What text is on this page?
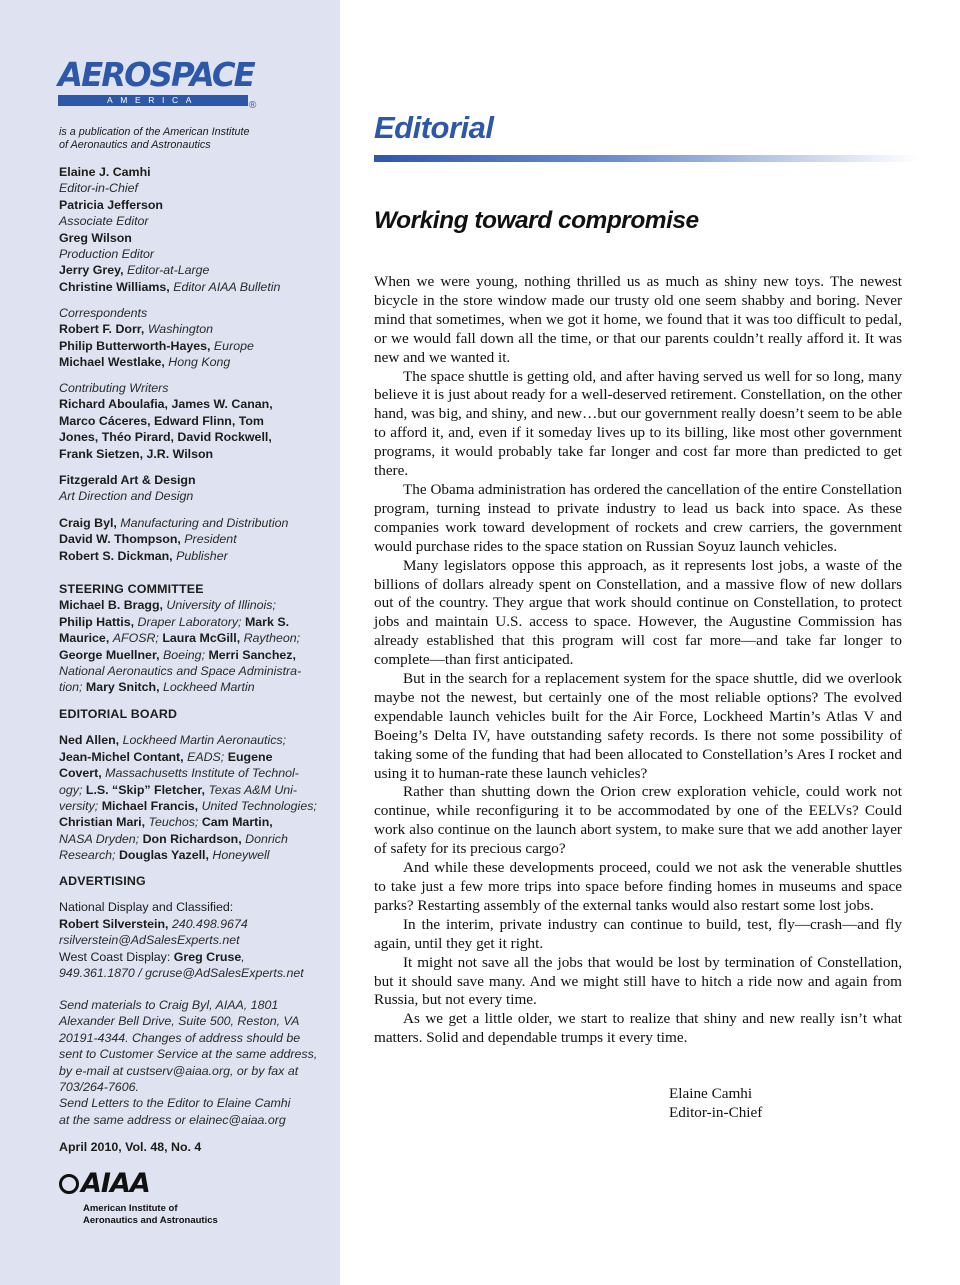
AEROSPACE
AMERICA	®
is a publication of the American Institute
of Aeronautics and Astronautics
Elaine J. Camhi
Editor-in-Chief
Patricia Jefferson
Associate Editor
Greg Wilson
Production Editor
Jerry Grey, Editor-at-Large
Christine Williams, Editor AIAA Bulletin
Correspondents
Robert F. Dorr, Washington
Philip Butterworth-Hayes, Europe
Michael Westlake, Hong Kong
Contributing Writers
Richard Aboulafia, James W. Canan,
Marco Cáceres, Edward Flinn, Tom
Jones, Théo Pirard, David Rockwell,
Frank Sietzen, J.R. Wilson
Fitzgerald Art & Design
Art Direction and Design
Craig Byl, Manufacturing and Distribution
David W. Thompson, President
Robert S. Dickman, Publisher
STEERING COMMITTEE
Michael B. Bragg, University of Illinois;
Philip Hattis, Draper Laboratory; Mark S.
Maurice, AFOSR; Laura McGill, Raytheon;
George Muellner, Boeing; Merri Sanchez,
National Aeronautics and Space Administra-
tion; Mary Snitch, Lockheed Martin
EDITORIAL BOARD
Ned Allen, Lockheed Martin Aeronautics;
Jean-Michel Contant, EADS; Eugene
Covert, Massachusetts Institute of Technol-
ogy; L.S. “Skip” Fletcher, Texas A&M Uni-
versity; Michael Francis, United Technologies;
Christian Mari, Teuchos; Cam Martin,
NASA Dryden; Don Richardson, Donrich
Research; Douglas Yazell, Honeywell
ADVERTISING
National Display and Classified:
Robert Silverstein, 240.498.9674
rsilverstein@AdSalesExperts.net
West Coast Display: Greg Cruse,
949.361.1870 / gcruse@AdSalesExperts.net
Send materials to Craig Byl, AIAA, 1801
Alexander Bell Drive, Suite 500, Reston, VA
20191-4344. Changes of address should be
sent to Customer Service at the same address,
by e-mail at custserv@aiaa.org, or by fax at
703/264-7606.
Send Letters to the Editor to Elaine Camhi
at the same address or elainec@aiaa.org
April 2010, Vol. 48, No. 4
AIAA
American Institute of
Aeronautics and Astronautics
Editorial
Working toward compromise

When we were young, nothing thrilled us as much as shiny new toys. The newest bicycle in the store window made our trusty old one seem shabby and boring. Never mind that sometimes, when we got it home, we found that it was too difficult to pedal, or we would fall down all the time, or that our parents couldn’t really afford it. It was new and we wanted it.

The space shuttle is getting old, and after having served us well for so long, many believe it is just about ready for a well-deserved retirement. Constellation, on the other hand, was big, and shiny, and new…but our government really doesn’t seem to be able to afford it, and, even if it someday lives up to its billing, like most other government programs, it would probably take far longer and cost far more than predicted to get there.

The Obama administration has ordered the cancellation of the entire Constellation program, turning instead to private industry to lead us back into space. As these companies work toward development of rockets and crew carriers, the government would purchase rides to the space station on Russian Soyuz launch vehicles.

Many legislators oppose this approach, as it represents lost jobs, a waste of the billions of dollars already spent on Constellation, and a massive flow of new dollars out of the country. They argue that work should continue on Constellation, to protect jobs and maintain U.S. access to space. However, the Augustine Commission has already established that this program will cost far more—and take far longer to complete—than first anticipated.

But in the search for a replacement system for the space shuttle, did we overlook maybe not the newest, but certainly one of the most reliable options? The evolved expendable launch vehicles built for the Air Force, Lockheed Martin’s Atlas V and Boeing’s Delta IV, have outstanding safety records. Is there not some possibility of taking some of the funding that had been allocated to Constellation’s Ares I rocket and using it to human-rate these launch vehicles?

Rather than shutting down the Orion crew exploration vehicle, could work not continue, while reconfiguring it to be accommodated by one of the EELVs? Could work also continue on the launch abort system, to make sure that we add another layer of safety for its precious cargo?

And while these developments proceed, could we not ask the venerable shuttles to take just a few more trips into space before finding homes in museums and space parks? Restarting assembly of the external tanks would also restart some lost jobs.

In the interim, private industry can continue to build, test, fly—crash—and fly again, until they get it right.

It might not save all the jobs that would be lost by termination of Constellation, but it should save many. And we might still have to hitch a ride now and again from Russia, but not every time.

As we get a little older, we start to realize that shiny and new really isn’t what matters. Solid and dependable trumps it every time.

Elaine Camhi
Editor-in-Chief
